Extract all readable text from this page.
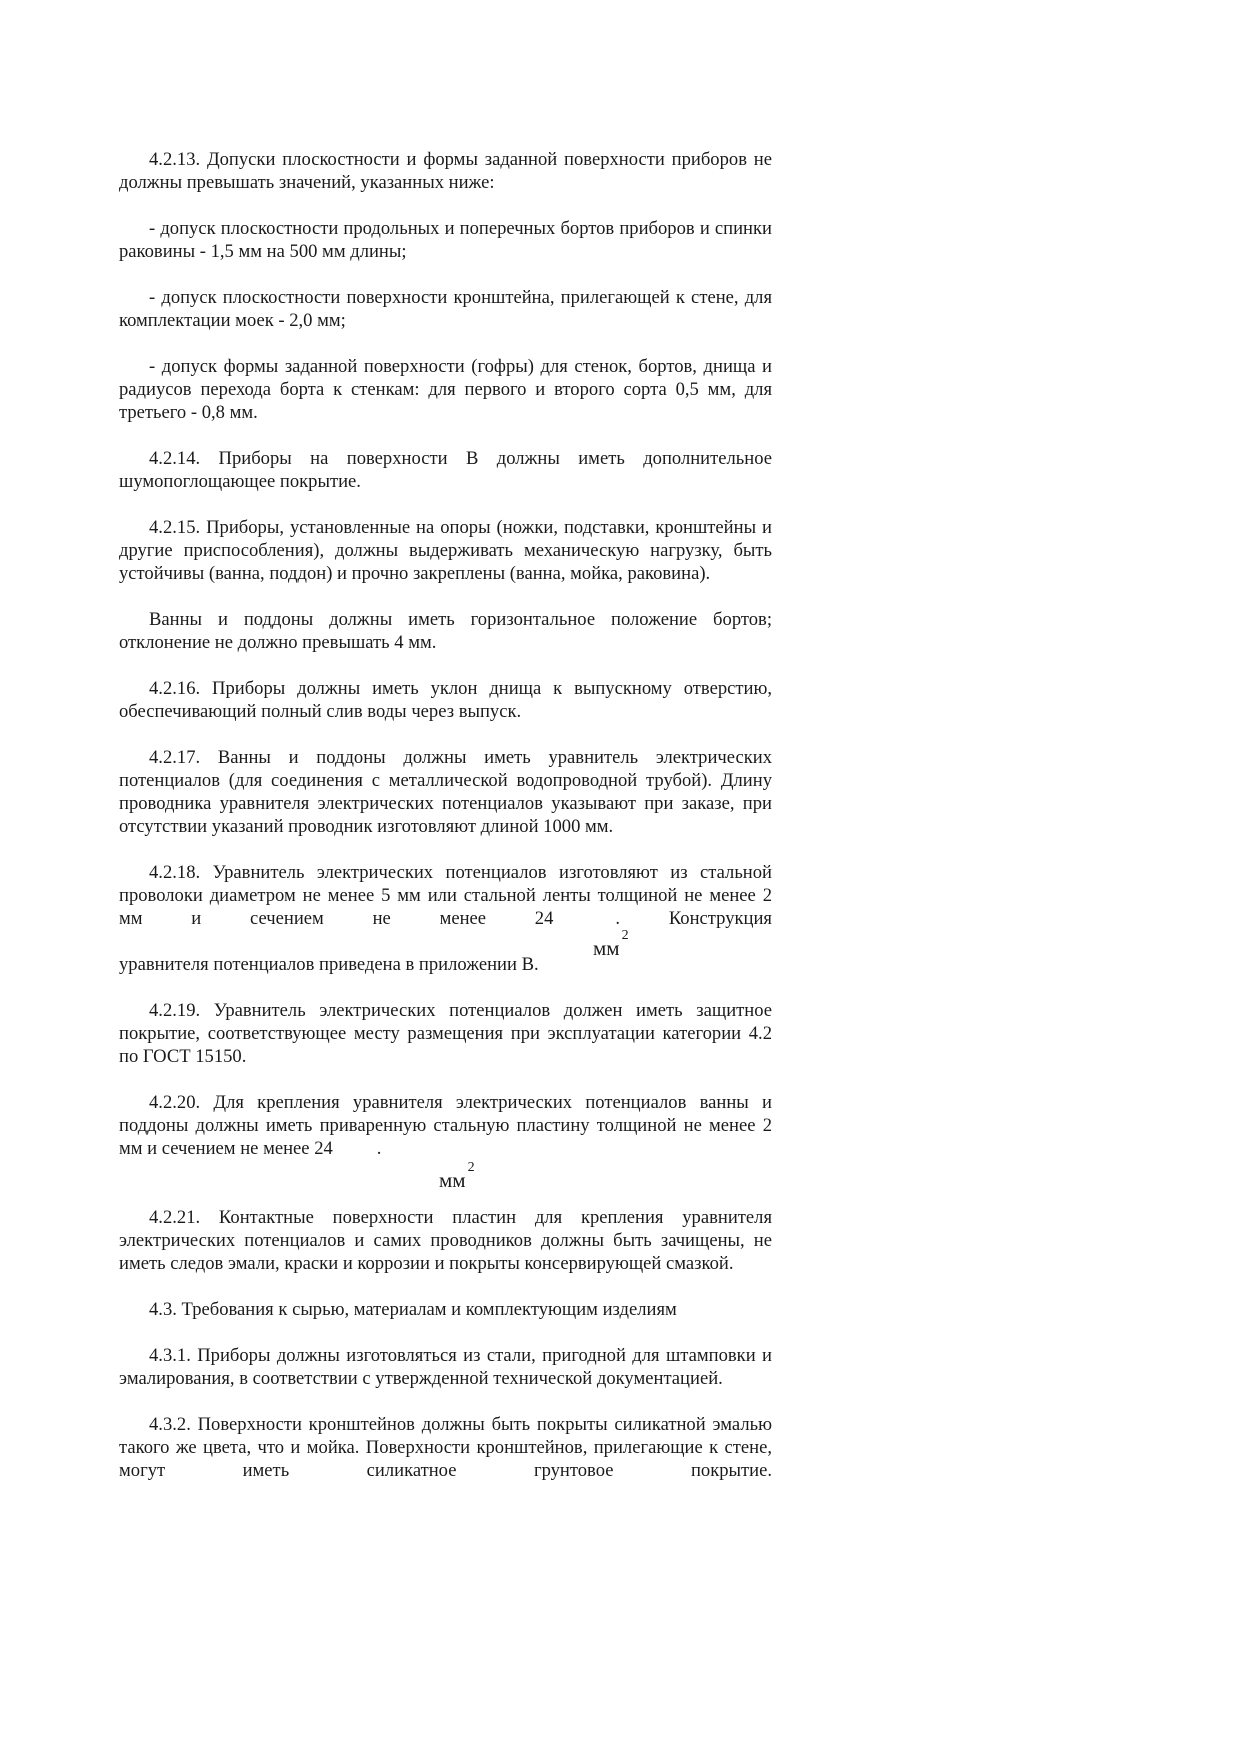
4.2.13. Допуски плоскостности и формы заданной поверхности приборов не должны превышать значений, указанных ниже:

- допуск плоскостности продольных и поперечных бортов приборов и спинки раковины - 1,5 мм на 500 мм длины;

- допуск плоскостности поверхности кронштейна, прилегающей к стене, для комплектации моек - 2,0 мм;

- допуск формы заданной поверхности (гофры) для стенок, бортов, днища и радиусов перехода борта к стенкам: для первого и второго сорта 0,5 мм, для третьего - 0,8 мм.

4.2.14. Приборы на поверхности В должны иметь дополнительное шумопоглощающее покрытие.

4.2.15. Приборы, установленные на опоры (ножки, подставки, кронштейны и другие приспособления), должны выдерживать механическую нагрузку, быть устойчивы (ванна, поддон) и прочно закреплены (ванна, мойка, раковина).

Ванны и поддоны должны иметь горизонтальное положение бортов; отклонение не должно превышать 4 мм.

4.2.16. Приборы должны иметь уклон днища к выпускному отверстию, обеспечивающий полный слив воды через выпуск.

4.2.17. Ванны и поддоны должны иметь уравнитель электрических потенциалов (для соединения с металлической водопроводной трубой). Длину проводника уравнителя электрических потенциалов указывают при заказе, при отсутствии указаний проводник изготовляют длиной 1000 мм.

4.2.18. Уравнитель электрических потенциалов изготовляют из стальной проволоки диаметром не менее 5 мм или стальной ленты толщиной не менее 2 мм и сечением не менее 24	. Конструкция

$мм^2$

уравнителя потенциалов приведена в приложении В.

4.2.19. Уравнитель электрических потенциалов должен иметь защитное покрытие, соответствующее месту размещения при эксплуатации категории 4.2 по ГОСТ 15150.

4.2.20. Для крепления уравнителя электрических потенциалов ванны и поддоны должны иметь приваренную стальную пластину толщиной не менее 2 мм и сечением не менее 24 .

$мм^2$

4.2.21. Контактные поверхности пластин для крепления уравнителя электрических потенциалов и самих проводников должны быть зачищены, не иметь следов эмали, краски и коррозии и покрыты консервирующей смазкой.

4.3. Требования к сырью, материалам и комплектующим изделиям

4.3.1. Приборы должны изготовляться из стали, пригодной для штамповки и эмалирования, в соответствии с утвержденной технической документацией.

4.3.2. Поверхности кронштейнов должны быть покрыты силикатной эмалью такого же цвета, что и мойка. Поверхности кронштейнов, прилегающие к стене, могут иметь силикатное грунтовое покрытие.
